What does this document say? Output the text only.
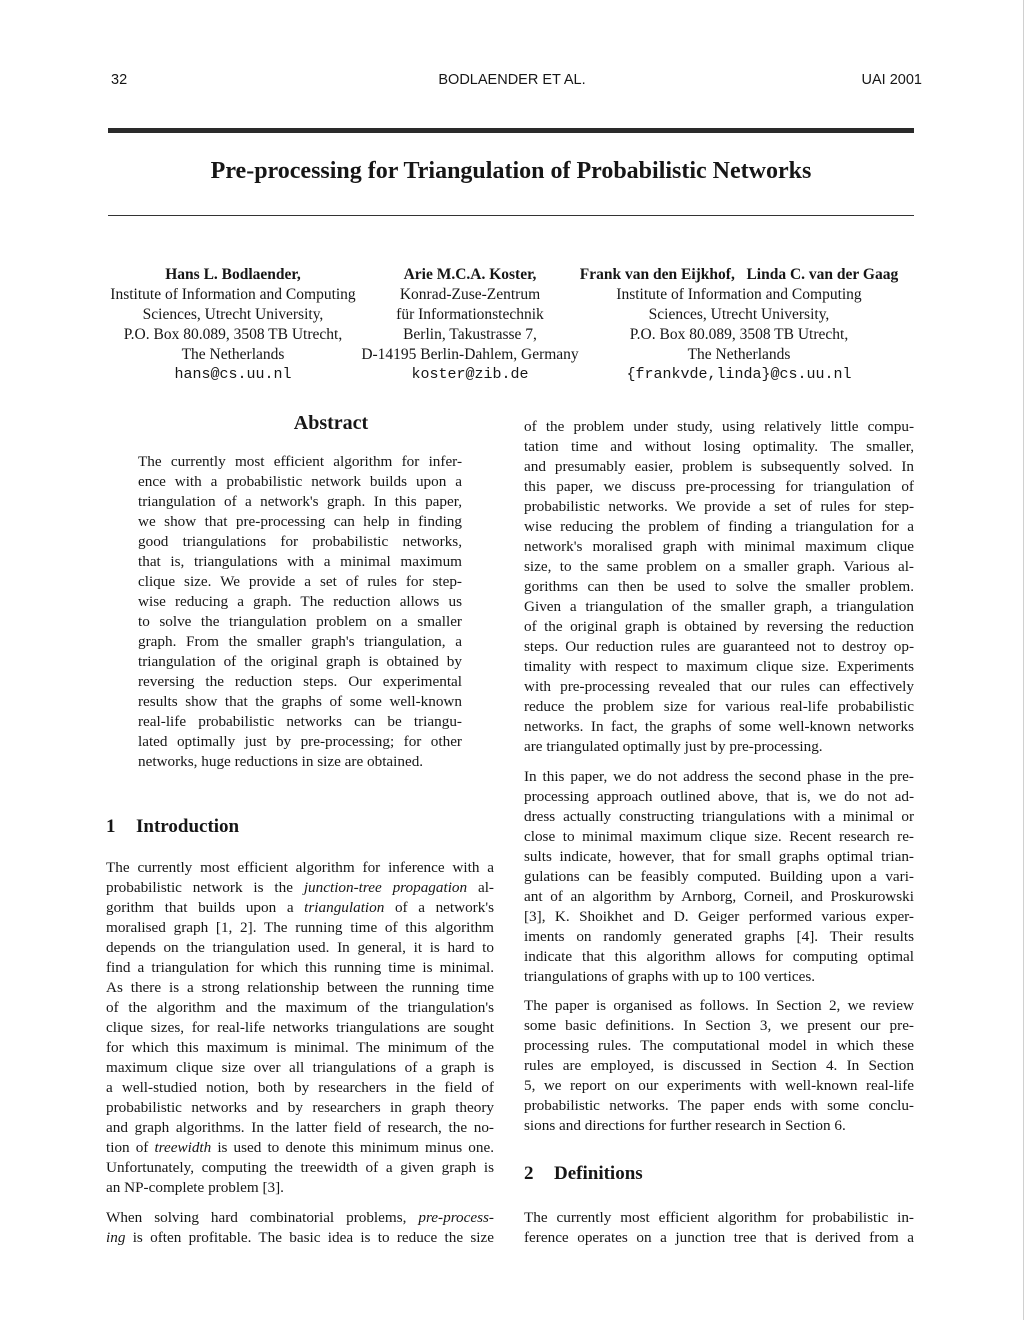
32	BODLAENDER ET AL.	UAI 2001
Pre-processing for Triangulation of Probabilistic Networks
Hans L. Bodlaender,
Institute of Information and Computing
Sciences, Utrecht University,
P.O. Box 80.089, 3508 TB Utrecht,
The Netherlands
hans@cs.uu.nl
Arie M.C.A. Koster,
Konrad-Zuse-Zentrum
für Informationstechnik
Berlin, Takustrasse 7,
D-14195 Berlin-Dahlem, Germany
koster@zib.de
Frank van den Eijkhof,   Linda C. van der Gaag
Institute of Information and Computing
Sciences, Utrecht University,
P.O. Box 80.089, 3508 TB Utrecht,
The Netherlands
{frankvde,linda}@cs.uu.nl
Abstract
The currently most efficient algorithm for infer-
ence with a probabilistic network builds upon a
triangulation of a network's graph. In this paper,
we show that pre-processing can help in finding
good triangulations for probabilistic networks,
that is, triangulations with a minimal maximum
clique size. We provide a set of rules for step-
wise reducing a graph. The reduction allows us
to solve the triangulation problem on a smaller
graph. From the smaller graph's triangulation, a
triangulation of the original graph is obtained by
reversing the reduction steps. Our experimental
results show that the graphs of some well-known
real-life probabilistic networks can be triangu-
lated optimally just by pre-processing; for other
networks, huge reductions in size are obtained.
1 Introduction
The currently most efficient algorithm for inference with a
probabilistic network is the junction-tree propagation al-
gorithm that builds upon a triangulation of a network's
moralised graph [1, 2]. The running time of this algorithm
depends on the triangulation used. In general, it is hard to
find a triangulation for which this running time is minimal.
As there is a strong relationship between the running time
of the algorithm and the maximum of the triangulation's
clique sizes, for real-life networks triangulations are sought
for which this maximum is minimal. The minimum of the
maximum clique size over all triangulations of a graph is
a well-studied notion, both by researchers in the field of
probabilistic networks and by researchers in graph theory
and graph algorithms. In the latter field of research, the no-
tion of treewidth is used to denote this minimum minus one.
Unfortunately, computing the treewidth of a given graph is
an NP-complete problem [3].
When solving hard combinatorial problems, pre-process-
ing is often profitable. The basic idea is to reduce the size
of the problem under study, using relatively little compu-
tation time and without losing optimality. The smaller,
and presumably easier, problem is subsequently solved. In
this paper, we discuss pre-processing for triangulation of
probabilistic networks. We provide a set of rules for step-
wise reducing the problem of finding a triangulation for a
network's moralised graph with minimal maximum clique
size, to the same problem on a smaller graph. Various al-
gorithms can then be used to solve the smaller problem.
Given a triangulation of the smaller graph, a triangulation
of the original graph is obtained by reversing the reduction
steps. Our reduction rules are guaranteed not to destroy op-
timality with respect to maximum clique size. Experiments
with pre-processing revealed that our rules can effectively
reduce the problem size for various real-life probabilistic
networks. In fact, the graphs of some well-known networks
are triangulated optimally just by pre-processing.
In this paper, we do not address the second phase in the pre-
processing approach outlined above, that is, we do not ad-
dress actually constructing triangulations with a minimal or
close to minimal maximum clique size. Recent research re-
sults indicate, however, that for small graphs optimal trian-
gulations can be feasibly computed. Building upon a vari-
ant of an algorithm by Arnborg, Corneil, and Proskurowski
[3], K. Shoikhet and D. Geiger performed various exper-
iments on randomly generated graphs [4]. Their results
indicate that this algorithm allows for computing optimal
triangulations of graphs with up to 100 vertices.
The paper is organised as follows. In Section 2, we review
some basic definitions. In Section 3, we present our pre-
processing rules. The computational model in which these
rules are employed, is discussed in Section 4. In Section
5, we report on our experiments with well-known real-life
probabilistic networks. The paper ends with some conclu-
sions and directions for further research in Section 6.
2 Definitions
The currently most efficient algorithm for probabilistic in-
ference operates on a junction tree that is derived from a
